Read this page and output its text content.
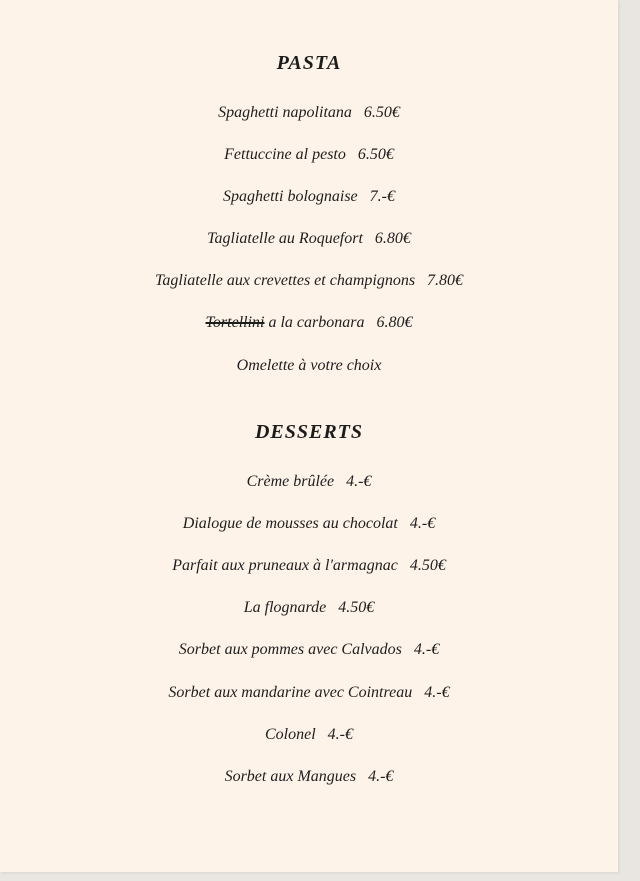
PASTA
Spaghetti napolitana 6.50€
Fettuccine al pesto 6.50€
Spaghetti bolognaise 7.-€
Tagliatelle au Roquefort 6.80€
Tagliatelle aux crevettes et champignons 7.80€
Tortellini a la carbonara 6.80€
Omelette à votre choix
DESSERTS
Crème brûlée 4.-€
Dialogue de mousses au chocolat 4.-€
Parfait aux pruneaux à l'armagnac 4.50€
La flognarde 4.50€
Sorbet aux pommes avec Calvados 4.-€
Sorbet aux mandarine avec Cointreau 4.-€
Colonel 4.-€
Sorbet aux Mangues 4.-€
